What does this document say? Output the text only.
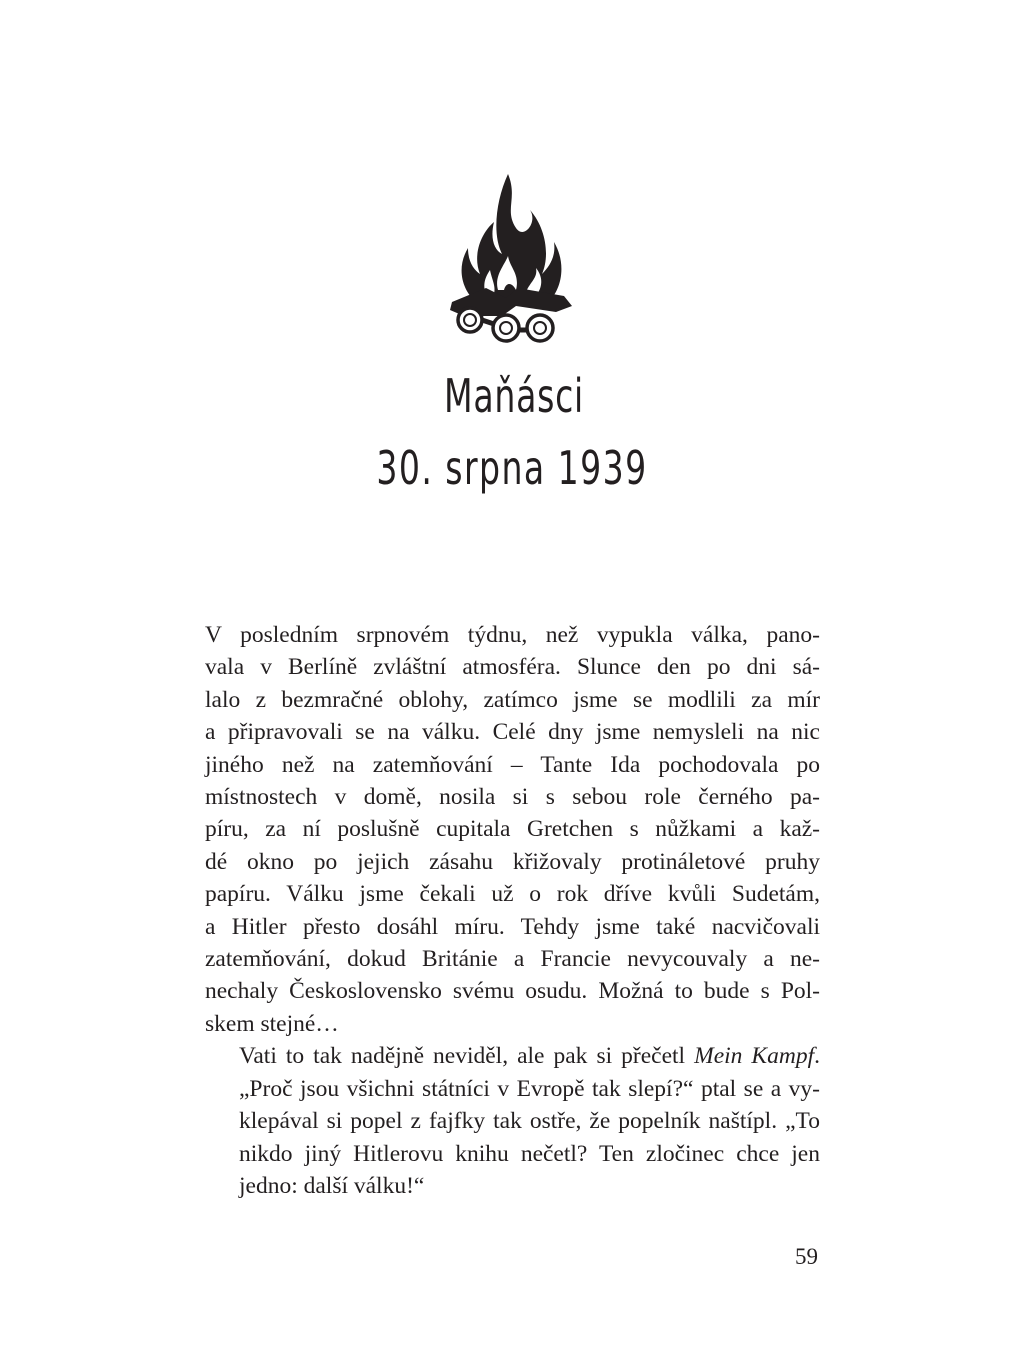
Maňásci
30. srpna 1939

V posledním srpnovém týdnu, než vypukla válka, pano-
vala v Berlíně zvláštní atmosféra. Slunce den po dni sá-
lalo z bezmračné oblohy, zatímco jsme se modlili za mír
a připravovali se na válku. Celé dny jsme nemysleli na nic
jiného než na zatemňování – Tante Ida pochodovala po
místnostech v domě, nosila si s sebou role černého pa-
píru, za ní poslušně cupitala Gretchen s nůžkami a kaž-
dé okno po jejich zásahu křižovaly protináletové pruhy
papíru. Válku jsme čekali už o rok dříve kvůli Sudetám,
a Hitler přesto dosáhl míru. Tehdy jsme také nacvičovali
zatemňování, dokud Británie a Francie nevycouvaly a ne-
nechaly Československo svému osudu. Možná to bude s Pol-
skem stejné…

Vati to tak nadějně neviděl, ale pak si přečetl Mein Kampf.
„Proč jsou všichni státníci v Evropě tak slepí?“ ptal se a vy-
klepával si popel z fajfky tak ostře, že popelník naštípl. „To
nikdo jiný Hitlerovu knihu nečetl? Ten zločinec chce jen
jedno: další válku!“

59
